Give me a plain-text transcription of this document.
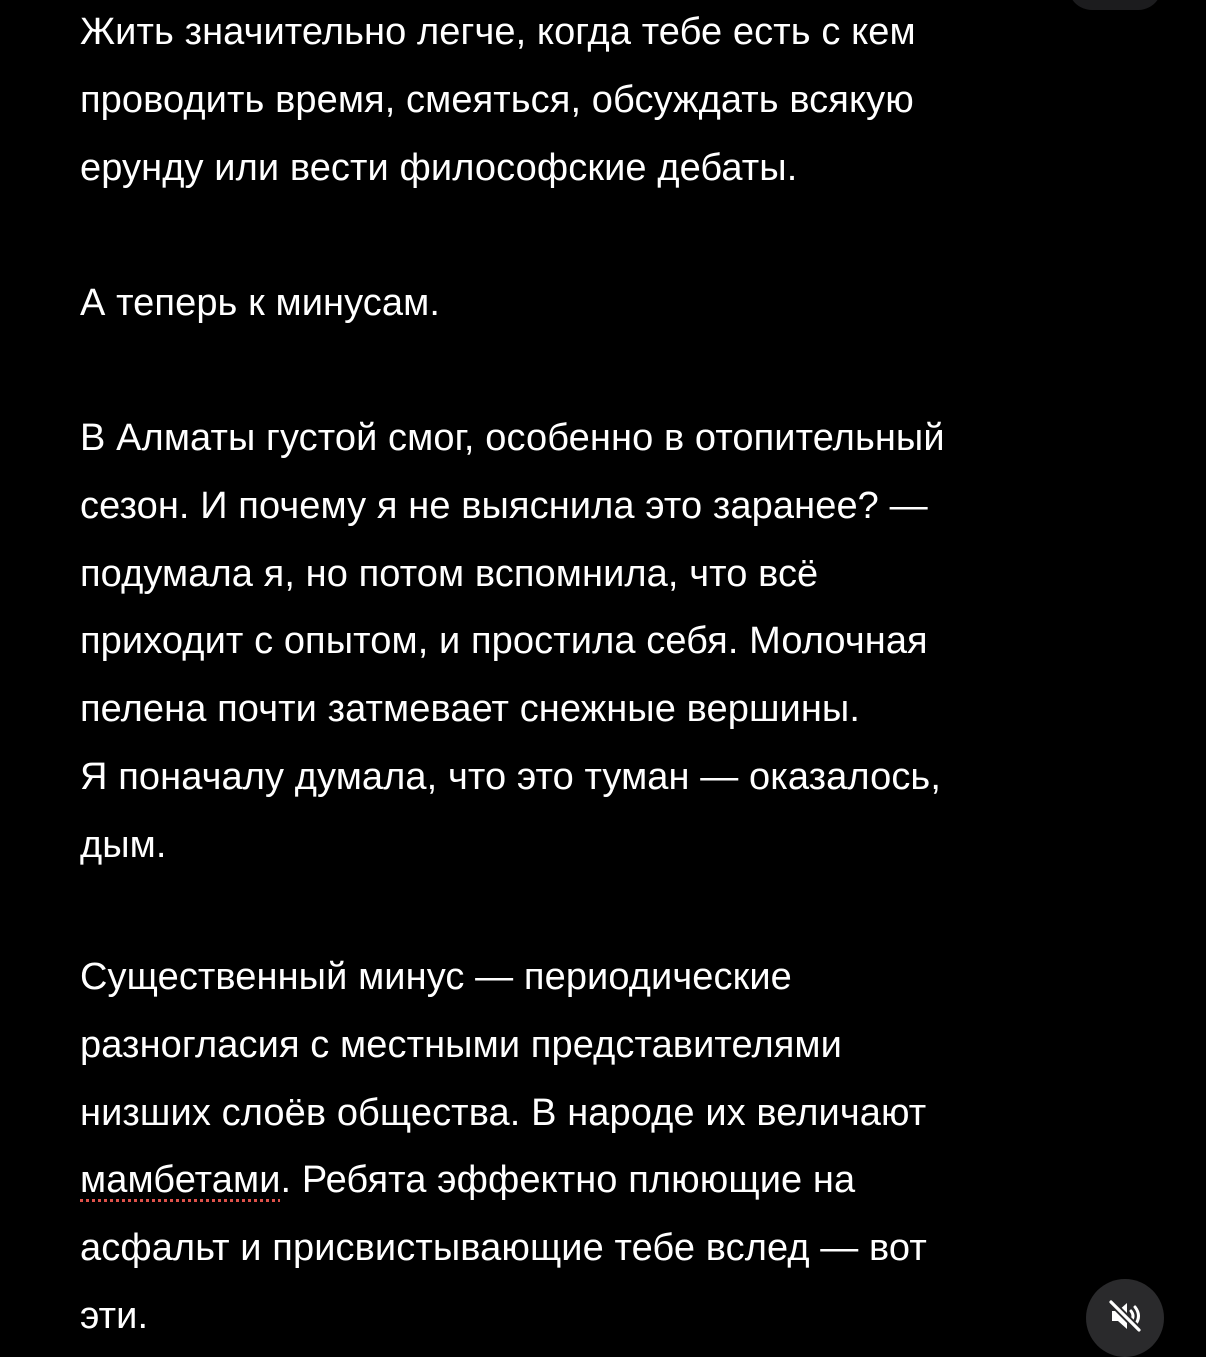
Жить значительно легче, когда тебе есть с кем
проводить время, смеяться, обсуждать всякую
ерунду или вести философские дебаты.

А теперь к минусам.

В Алматы густой смог, особенно в отопительный
сезон. И почему я не выяснила это заранее? —
подумала я, но потом вспомнила, что всё
приходит с опытом, и простила себя. Молочная
пелена почти затмевает снежные вершины.
Я поначалу думала, что это туман — оказалось,
дым.

Существенный минус — периодические
разногласия с местными представителями
низших слоёв общества. В народе их величают
мамбетами. Ребята эффектно плюющие на
асфальт и присвистывающие тебе вслед — вот
эти.
